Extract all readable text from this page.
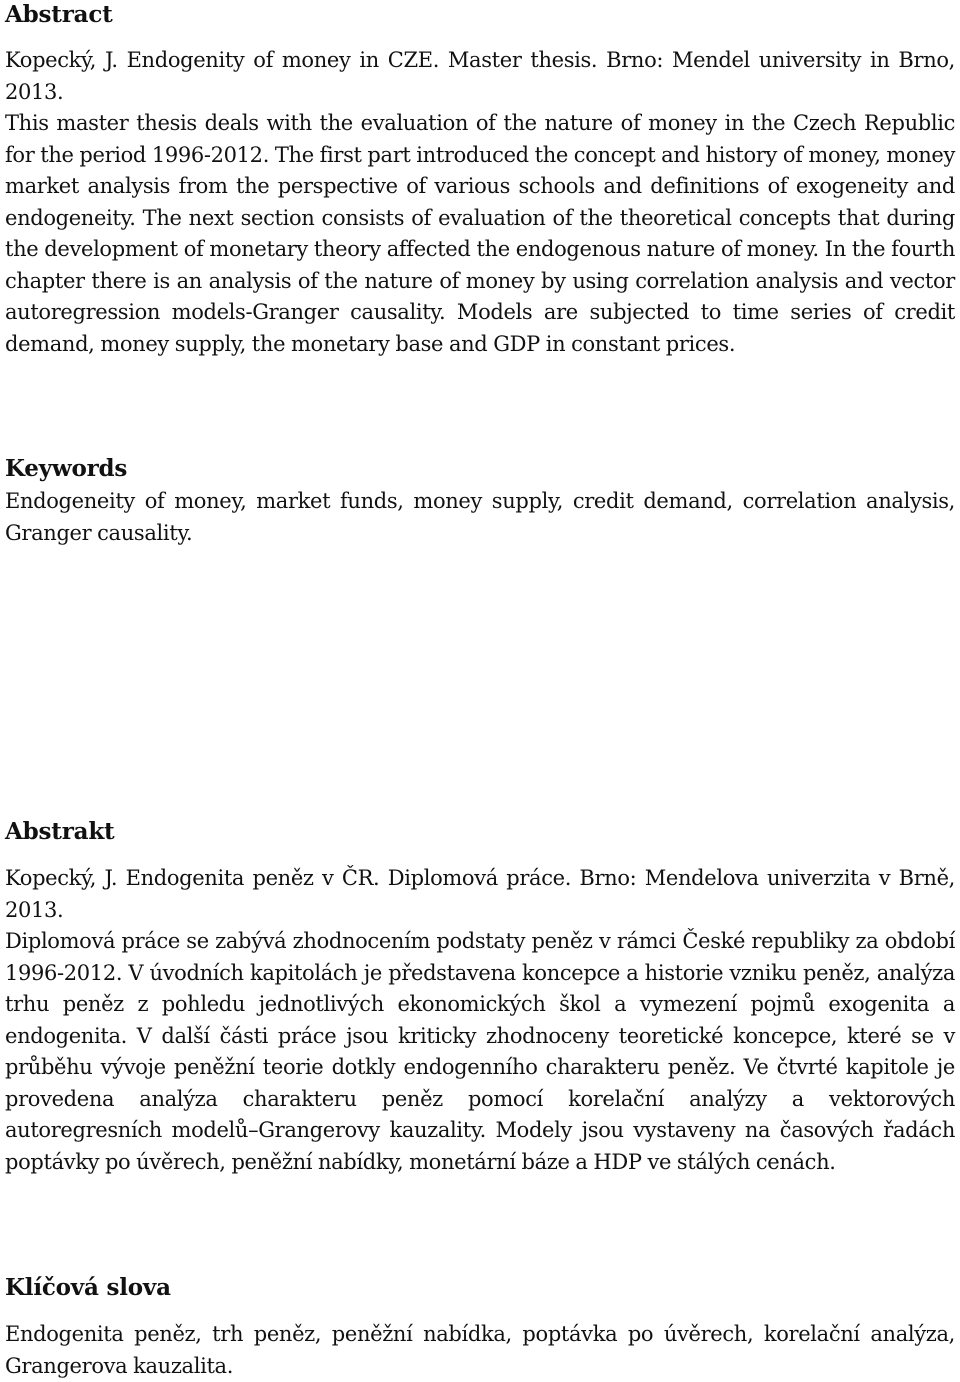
Abstract

Kopecký, J. Endogenity of money in CZE. Master thesis. Brno: Mendel university in Brno, 2013.

This master thesis deals with the evaluation of the nature of money in the Czech Republic for the period 1996-2012. The first part introduced the concept and history of money, money market analysis from the perspective of various schools and definitions of exogeneity and endogeneity. The next section consists of evaluation of the theoretical concepts that during the development of monetary theory affected the endogenous nature of money. In the fourth chapter there is an analysis of the nature of money by using correlation analysis and vector autoregression models-Granger causality. Models are subjected to time series of credit demand, money supply, the monetary base and GDP in constant prices.

Keywords

Endogeneity of money, market funds, money supply, credit demand, correlation analysis, Granger causality.

Abstrakt

Kopecký, J. Endogenita peněz v ČR. Diplomová práce. Brno: Mendelova univerzita v Brně, 2013.

Diplomová práce se zabývá zhodnocením podstaty peněz v rámci České republiky za období 1996-2012. V úvodních kapitolách je představena koncepce a historie vzniku peněz, analýza trhu peněz z pohledu jednotlivých ekonomických škol a vymezení pojmů exogenita a endogenita. V další části práce jsou kriticky zhodnoceny teoretické koncepce, které se v průběhu vývoje peněžní teorie dotkly endogenního charakteru peněz. Ve čtvrté kapitole je provedena analýza charakteru peněz pomocí korelační analýzy a vektorových autoregresních modelů–Grangerovy kauzality. Modely jsou vystaveny na časových řadách poptávky po úvěrech, peněžní nabídky, monetární báze a HDP ve stálých cenách.

Klíčová slova

Endogenita peněz, trh peněz, peněžní nabídka, poptávka po úvěrech, korelační analýza, Grangerova kauzalita.
